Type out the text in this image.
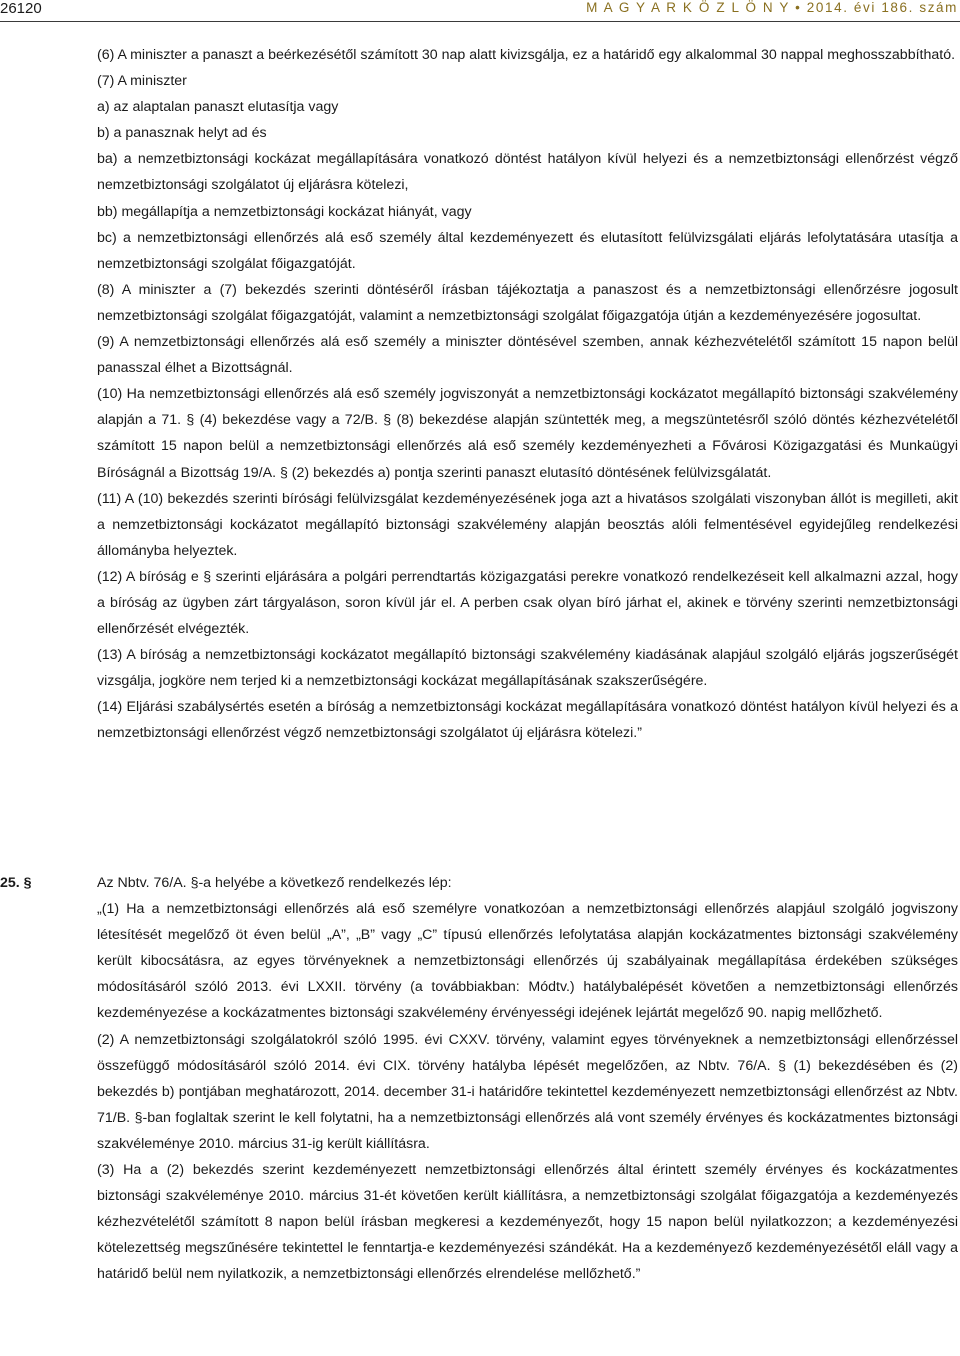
26120	M A G Y A R K Ö Z L Ö N Y • 2014. évi 186. szám

(6) A miniszter a panaszt a beérkezésétől számított 30 nap alatt kivizsgálja, ez a határidő egy alkalommal 30 nappal meghosszabbítható.

(7) A miniszter

a) az alaptalan panaszt elutasítja vagy

b) a panasznak helyt ad és

ba) a nemzetbiztonsági kockázat megállapítására vonatkozó döntést hatályon kívül helyezi és a nemzetbiztonsági ellenőrzést végző nemzetbiztonsági szolgálatot új eljárásra kötelezi,

bb) megállapítja a nemzetbiztonsági kockázat hiányát, vagy

bc) a nemzetbiztonsági ellenőrzés alá eső személy által kezdeményezett és elutasított felülvizsgálati eljárás lefolytatására utasítja a nemzetbiztonsági szolgálat főigazgatóját.

(8) A miniszter a (7) bekezdés szerinti döntéséről írásban tájékoztatja a panaszost és a nemzetbiztonsági ellenőrzésre jogosult nemzetbiztonsági szolgálat főigazgatóját, valamint a nemzetbiztonsági szolgálat főigazgatója útján a kezdeményezésére jogosultat.

(9) A nemzetbiztonsági ellenőrzés alá eső személy a miniszter döntésével szemben, annak kézhezvételétől számított 15 napon belül panasszal élhet a Bizottságnál.

(10) Ha nemzetbiztonsági ellenőrzés alá eső személy jogviszonyát a nemzetbiztonsági kockázatot megállapító biztonsági szakvélemény alapján a 71. § (4) bekezdése vagy a 72/B. § (8) bekezdése alapján szüntették meg, a megszüntetésről szóló döntés kézhezvételétől számított 15 napon belül a nemzetbiztonsági ellenőrzés alá eső személy kezdeményezheti a Fővárosi Közigazgatási és Munkaügyi Bíróságnál a Bizottság 19/A. § (2) bekezdés a) pontja szerinti panaszt elutasító döntésének felülvizsgálatát.

(11) A (10) bekezdés szerinti bírósági felülvizsgálat kezdeményezésének joga azt a hivatásos szolgálati viszonyban állót is megilleti, akit a nemzetbiztonsági kockázatot megállapító biztonsági szakvélemény alapján beosztás alóli felmentésével egyidejűleg rendelkezési állományba helyeztek.

(12) A bíróság e § szerinti eljárására a polgári perrendtartás közigazgatási perekre vonatkozó rendelkezéseit kell alkalmazni azzal, hogy a bíróság az ügyben zárt tárgyaláson, soron kívül jár el. A perben csak olyan bíró járhat el, akinek e törvény szerinti nemzetbiztonsági ellenőrzését elvégezték.

(13) A bíróság a nemzetbiztonsági kockázatot megállapító biztonsági szakvélemény kiadásának alapjául szolgáló eljárás jogszerűségét vizsgálja, jogköre nem terjed ki a nemzetbiztonsági kockázat megállapításának szakszerűségére.

(14) Eljárási szabálysértés esetén a bíróság a nemzetbiztonsági kockázat megállapítására vonatkozó döntést hatályon kívül helyezi és a nemzetbiztonsági ellenőrzést végző nemzetbiztonsági szolgálatot új eljárásra kötelezi.”

25. §	Az Nbtv. 76/A. §-a helyébe a következő rendelkezés lép:

„(1) Ha a nemzetbiztonsági ellenőrzés alá eső személyre vonatkozóan a nemzetbiztonsági ellenőrzés alapjául szolgáló jogviszony létesítését megelőző öt éven belül „A”, „B” vagy „C” típusú ellenőrzés lefolytatása alapján kockázatmentes biztonsági szakvélemény került kibocsátásra, az egyes törvényeknek a nemzetbiztonsági ellenőrzés új szabályainak megállapítása érdekében szükséges módosításáról szóló 2013. évi LXXII. törvény (a továbbiakban: Módtv.) hatálybalépését követően a nemzetbiztonsági ellenőrzés kezdeményezése a kockázatmentes biztonsági szakvélemény érvényességi idejének lejártát megelőző 90. napig mellőzhető.

(2) A nemzetbiztonsági szolgálatokról szóló 1995. évi CXXV. törvény, valamint egyes törvényeknek a nemzetbiztonsági ellenőrzéssel összefüggő módosításáról szóló 2014. évi CIX. törvény hatályba lépését megelőzően, az Nbtv. 76/A. § (1) bekezdésében és (2) bekezdés b) pontjában meghatározott, 2014. december 31-i határidőre tekintettel kezdeményezett nemzetbiztonsági ellenőrzést az Nbtv. 71/B. §-ban foglaltak szerint le kell folytatni, ha a nemzetbiztonsági ellenőrzés alá vont személy érvényes és kockázatmentes biztonsági szakvéleménye 2010. március 31-ig került kiállításra.

(3) Ha a (2) bekezdés szerint kezdeményezett nemzetbiztonsági ellenőrzés által érintett személy érvényes és kockázatmentes biztonsági szakvéleménye 2010. március 31-ét követően került kiállításra, a nemzetbiztonsági szolgálat főigazgatója a kezdeményezés kézhezvételétől számított 8 napon belül írásban megkeresi a kezdeményezőt, hogy 15 napon belül nyilatkozzon; a kezdeményezési kötelezettség megszűnésére tekintettel le fenntartja-e kezdeményezési szándékát. Ha a kezdeményező kezdeményezésétől eláll vagy a határidő belül nem nyilatkozik, a nemzetbiztonsági ellenőrzés elrendelése mellőzhető.”
